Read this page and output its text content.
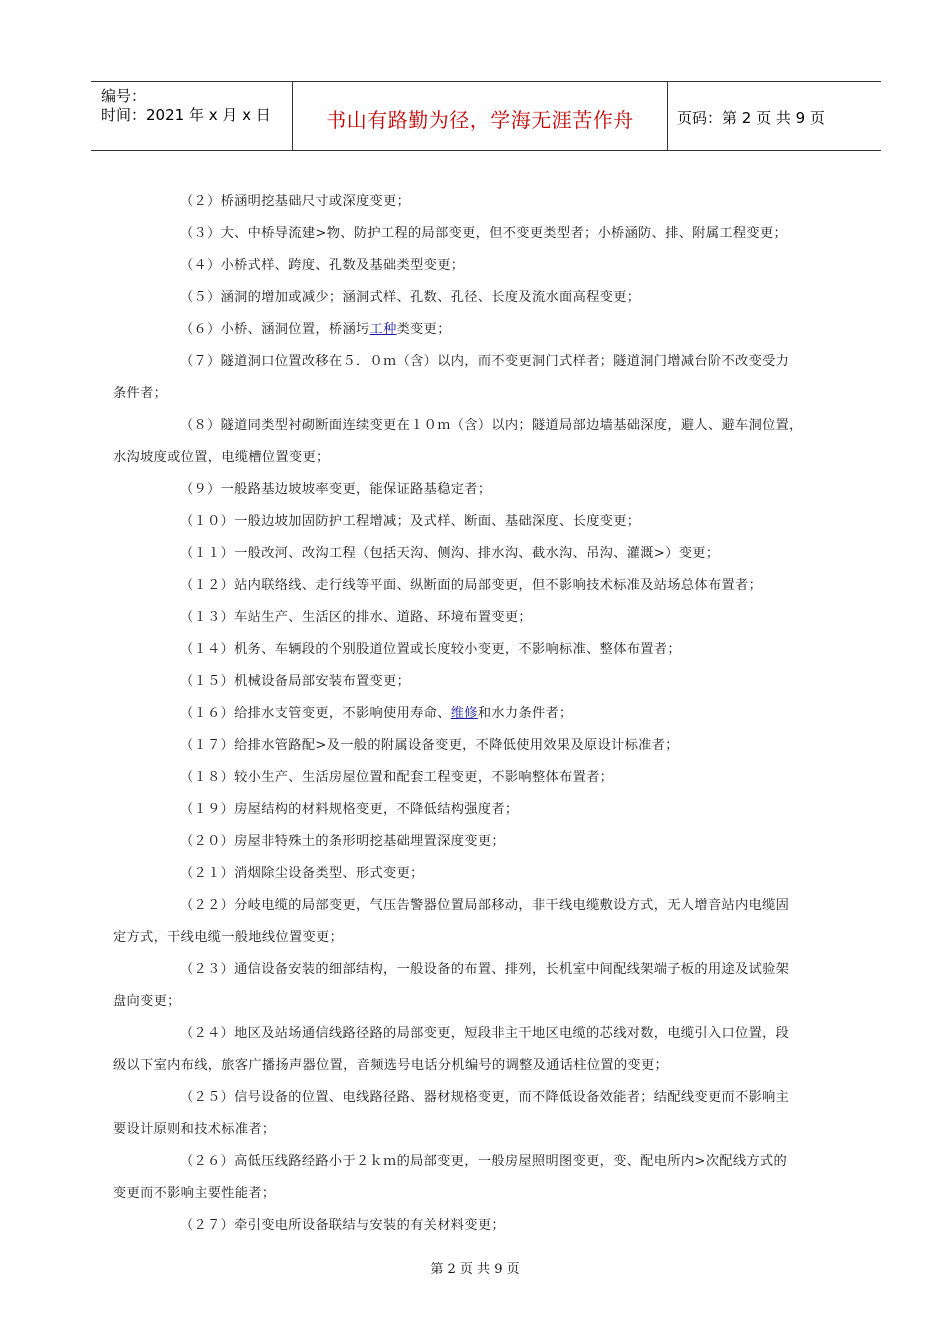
编号：
时间：2021 年 x 月 x 日	书山有路勤为径，学海无涯苦作舟	页码：第 2 页 共 9 页
（２）桥涵明挖基础尺寸或深度变更；
（３）大、中桥导流建>物、防护工程的局部变更，但不变更类型者；小桥涵防、排、附属工程变更；
（４）小桥式样、跨度、孔数及基础类型变更；
（５）涵洞的增加或减少；涵洞式样、孔数、孔径、长度及流水面高程变更；
（６）小桥、涵洞位置，桥涵圬工种类变更；
（７）隧道洞口位置改移在５．０ｍ（含）以内，而不变更洞门式样者；隧道洞门增减台阶不改变受力
条件者；
（８）隧道同类型衬砌断面连续变更在１０ｍ（含）以内；隧道局部边墙基础深度，避人、避车洞位置，
水沟坡度或位置，电缆槽位置变更；
（９）一般路基边坡坡率变更，能保证路基稳定者；
（１０）一般边坡加固防护工程增减；及式样、断面、基础深度、长度变更；
（１１）一般改河、改沟工程（包括天沟、侧沟、排水沟、截水沟、吊沟、灌溉>）变更；
（１２）站内联络线、走行线等平面、纵断面的局部变更，但不影响技术标准及站场总体布置者；
（１３）车站生产、生活区的排水、道路、环境布置变更；
（１４）机务、车辆段的个别股道位置或长度较小变更，不影响标准、整体布置者；
（１５）机械设备局部安装布置变更；
（１６）给排水支管变更，不影响使用寿命、维修和水力条件者；
（１７）给排水管路配>及一般的附属设备变更，不降低使用效果及原设计标准者；
（１８）较小生产、生活房屋位置和配套工程变更，不影响整体布置者；
（１９）房屋结构的材料规格变更，不降低结构强度者；
（２０）房屋非特殊土的条形明挖基础埋置深度变更；
（２１）消烟除尘设备类型、形式变更；
（２２）分岐电缆的局部变更，气压告警器位置局部移动，非干线电缆敷设方式，无人增音站内电缆固
定方式，干线电缆一般地线位置变更；
（２３）通信设备安装的细部结构，一般设备的布置、排列，长机室中间配线架端子板的用途及试验架
盘向变更；
（２４）地区及站场通信线路径路的局部变更，短段非主干地区电缆的芯线对数，电缆引入口位置，段
级以下室内布线，旅客广播扬声器位置，音频选号电话分机编号的调整及通话柱位置的变更；
（２５）信号设备的位置、电线路径路、器材规格变更，而不降低设备效能者；结配线变更而不影响主
要设计原则和技术标准者；
（２６）高低压线路经路小于２ｋｍ的局部变更，一般房屋照明图变更，变、配电所内>次配线方式的
变更而不影响主要性能者；
（２７）牵引变电所设备联结与安装的有关材料变更；
第 2 页 共 9 页
